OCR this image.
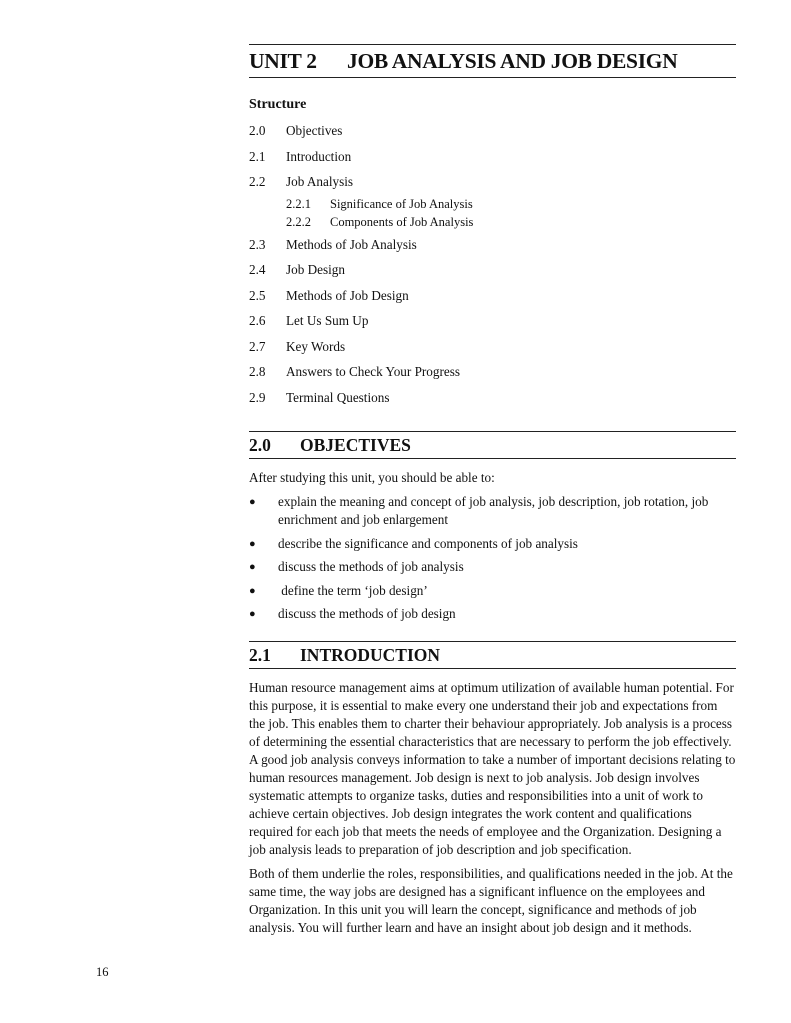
16
UNIT 2	JOB ANALYSIS AND JOB DESIGN
Structure
2.0	Objectives
2.1	Introduction
2.2	Job Analysis
2.2.1	Significance of Job Analysis
2.2.2	Components of Job Analysis
2.3	Methods of Job Analysis
2.4	Job Design
2.5	Methods of Job Design
2.6	Let Us Sum Up
2.7	Key Words
2.8	Answers to Check Your Progress
2.9	Terminal Questions
2.0	OBJECTIVES

After studying this unit, you should be able to:

●	explain the meaning and concept of job analysis, job description, job rotation, job enrichment and job enlargement
●	describe the significance and components of job analysis
●	discuss the methods of job analysis
●	define the term ‘job design’
●	discuss the methods of job design
2.1	INTRODUCTION

Human resource management aims at optimum utilization of available human potential. For this purpose, it is essential to make every one understand their job and expectations from the job. This enables them to charter their behaviour appropriately. Job analysis is a process of determining the essential characteristics that are necessary to perform the job effectively. A good job analysis conveys information to take a number of important decisions relating to human resources management. Job design is next to job analysis. Job design involves systematic attempts to organize tasks, duties and responsibilities into a unit of work to achieve certain objectives. Job design integrates the work content and qualifications required for each job that meets the needs of employee and the Organization. Designing a job analysis leads to preparation of job description and job specification.

Both of them underlie the roles, responsibilities, and qualifications needed in the job. At the same time, the way jobs are designed has a significant influence on the employees and Organization. In this unit you will learn the concept, significance and methods of job analysis. You will further learn and have an insight about job design and it methods.
